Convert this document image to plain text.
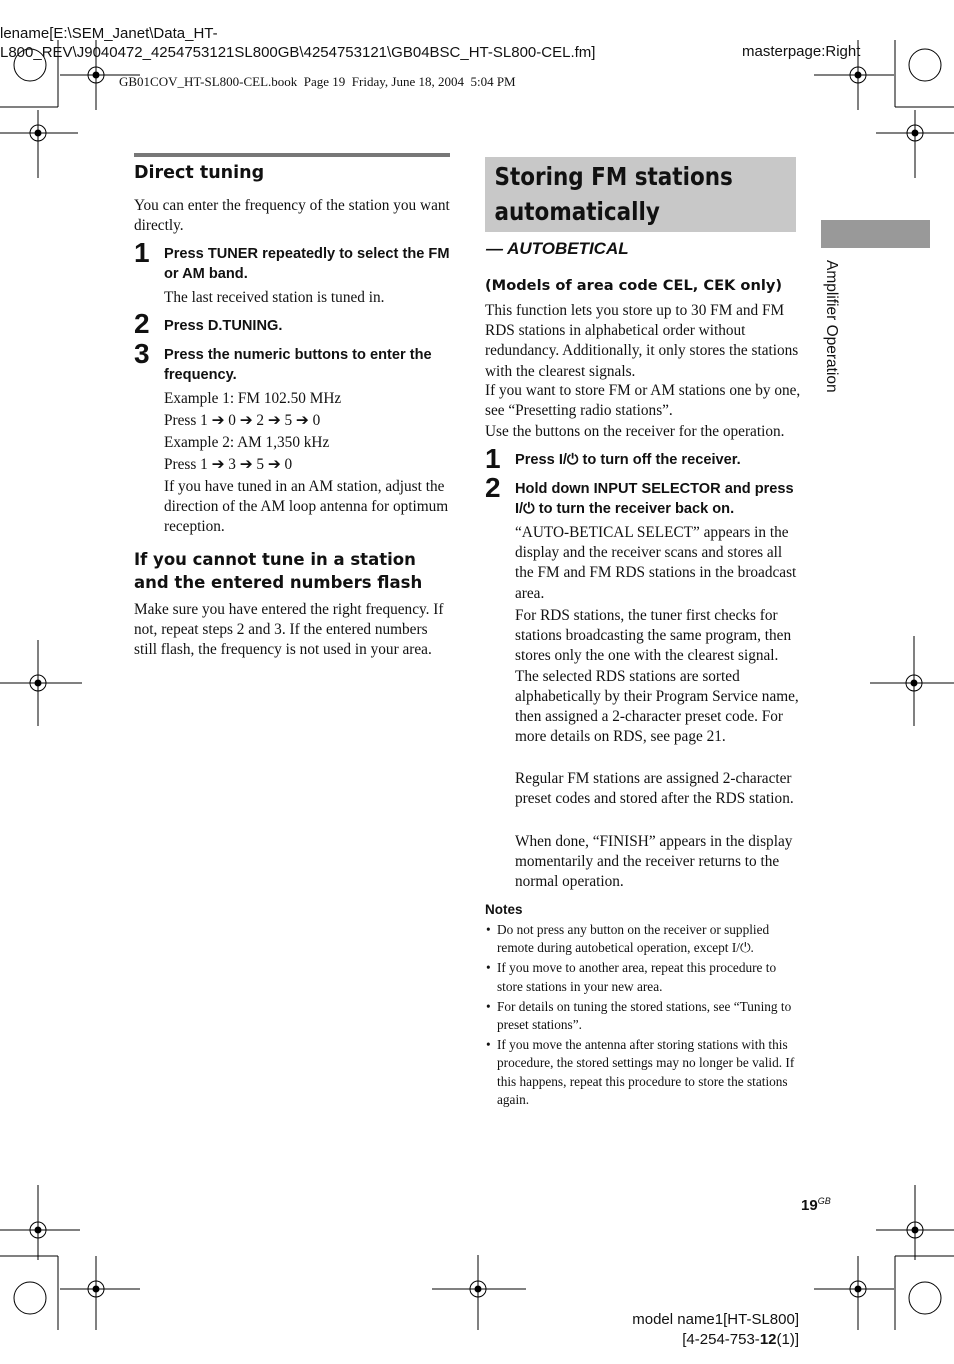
lename[E:\SEM_Janet\Data_HT-
L800_REV\J9040472_4254753121SL800GB\4254753121\GB04BSC_HT-SL800-CEL.fm]	masterpage:Right
GB01COV_HT-SL800-CEL.book  Page 19  Friday, June 18, 2004  5:04 PM
Direct tuning
You can enter the frequency of the station you want directly.
1 Press TUNER repeatedly to select the FM or AM band.
The last received station is tuned in.
2 Press D.TUNING.
3 Press the numeric buttons to enter the frequency.
Example 1: FM 102.50 MHz
Press 1 ➔ 0 ➔ 2 ➔ 5 ➔ 0
Example 2: AM 1,350 kHz
Press 1 ➔ 3 ➔ 5 ➔ 0
If you have tuned in an AM station, adjust the direction of the AM loop antenna for optimum reception.
If you cannot tune in a station and the entered numbers flash
Make sure you have entered the right frequency. If not, repeat steps 2 and 3. If the entered numbers still flash, the frequency is not used in your area.
Storing FM stations
automatically
— AUTOBETICAL
(Models of area code CEL, CEK only)
This function lets you store up to 30 FM and FM RDS stations in alphabetical order without redundancy. Additionally, it only stores the stations with the clearest signals.
If you want to store FM or AM stations one by one, see “Presetting radio stations”.
Use the buttons on the receiver for the operation.
1 Press I/⏻ to turn off the receiver.
2 Hold down INPUT SELECTOR and press I/⏻ to turn the receiver back on.
“AUTO-BETICAL SELECT” appears in the display and the receiver scans and stores all the FM and FM RDS stations in the broadcast area.
For RDS stations, the tuner first checks for stations broadcasting the same program, then stores only the one with the clearest signal. The selected RDS stations are sorted alphabetically by their Program Service name, then assigned a 2-character preset code. For more details on RDS, see page 21.
Regular FM stations are assigned 2-character preset codes and stored after the RDS station.
When done, “FINISH” appears in the display momentarily and the receiver returns to the normal operation.
Notes
• Do not press any button on the receiver or supplied remote during autobetical operation, except I/⏻.
• If you move to another area, repeat this procedure to store stations in your new area.
• For details on tuning the stored stations, see “Tuning to preset stations”.
• If you move the antenna after storing stations with this procedure, the stored settings may no longer be valid. If this happens, repeat this procedure to store the stations again.
Amplifier Operation
$19^{GB}$
model name1[HT-SL800]
[4-254-753-12(1)]
